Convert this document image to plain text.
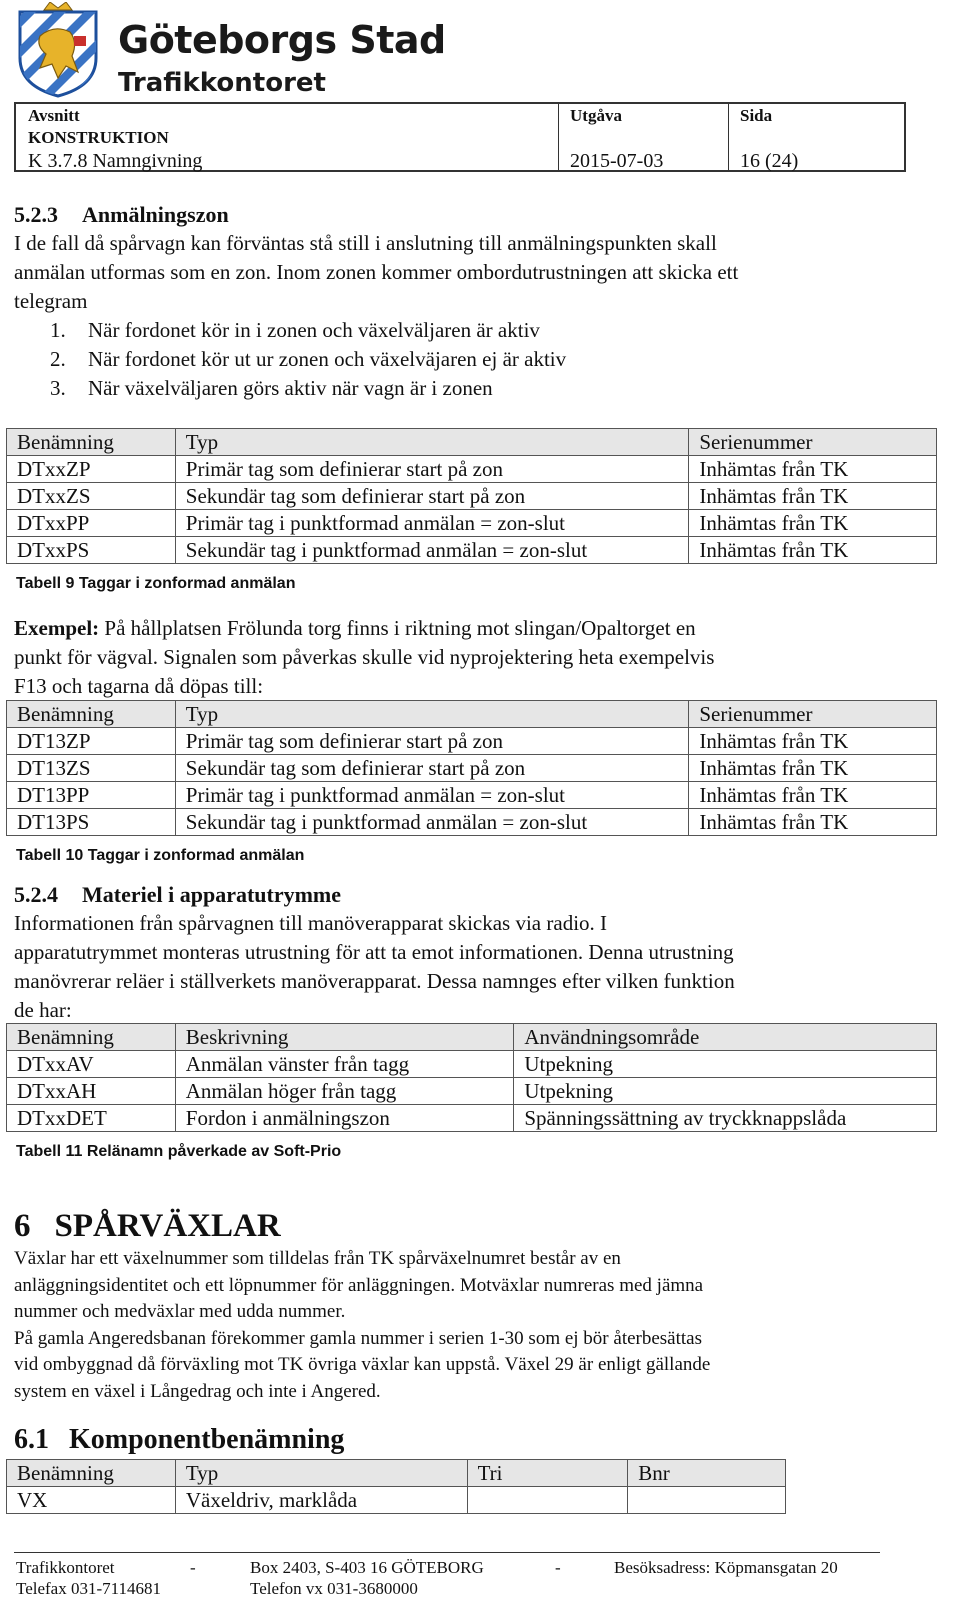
Göteborgs Stad
Trafikkontoret
Avsnitt
KONSTRUKTION
K 3.7.8 Namngivning
Utgåva
2015-07-03
Sida
16 (24)
5.2.3 Anmälningszon
I de fall då spårvagn kan förväntas stå still i anslutning till anmälningspunkten skall
anmälan utformas som en zon. Inom zonen kommer ombordutrustningen att skicka ett
telegram
1. När fordonet kör in i zonen och växelväljaren är aktiv
2. När fordonet kör ut ur zonen och växelväjaren ej är aktiv
3. När växelväljaren görs aktiv när vagn är i zonen
Benämning	Typ	Serienummer
DTxxZP	Primär tag som definierar start på zon	Inhämtas från TK
DTxxZS	Sekundär tag som definierar start på zon	Inhämtas från TK
DTxxPP	Primär tag i punktformad anmälan = zon-slut	Inhämtas från TK
DTxxPS	Sekundär tag i punktformad anmälan = zon-slut	Inhämtas från TK
Tabell 9 Taggar i zonformad anmälan
Exempel: På hållplatsen Frölunda torg finns i riktning mot slingan/Opaltorget en
punkt för vägval. Signalen som påverkas skulle vid nyprojektering heta exempelvis
F13 och tagarna då döpas till:
Benämning	Typ	Serienummer
DT13ZP	Primär tag som definierar start på zon	Inhämtas från TK
DT13ZS	Sekundär tag som definierar start på zon	Inhämtas från TK
DT13PP	Primär tag i punktformad anmälan = zon-slut	Inhämtas från TK
DT13PS	Sekundär tag i punktformad anmälan = zon-slut	Inhämtas från TK
Tabell 10 Taggar i zonformad anmälan
5.2.4 Materiel i apparatutrymme
Informationen från spårvagnen till manöverapparat skickas via radio. I
apparatutrymmet monteras utrustning för att ta emot informationen. Denna utrustning
manövrerar reläer i ställverkets manöverapparat. Dessa namnges efter vilken funktion
de har:
Benämning	Beskrivning	Användningsområde
DTxxAV	Anmälan vänster från tagg	Utpekning
DTxxAH	Anmälan höger från tagg	Utpekning
DTxxDET	Fordon i anmälningszon	Spänningssättning av tryckknappslåda
Tabell 11 Relänamn påverkade av Soft-Prio
6 SPÅRVÄXLAR
Växlar har ett växelnummer som tilldelas från TK spårväxelnumret består av en
anläggningsidentitet och ett löpnummer för anläggningen. Motväxlar numreras med jämna
nummer och medväxlar med udda nummer.
På gamla Angeredsbanan förekommer gamla nummer i serien 1-30 som ej bör återbesättas
vid ombyggnad då förväxling mot TK övriga växlar kan uppstå. Växel 29 är enligt gällande
system en växel i Långedrag och inte i Angered.
6.1 Komponentbenämning
Benämning	Typ	Tri	Bnr
VX	Växeldriv, marklåda		
Trafikkontoret	-	Box 2403, S-403 16 GÖTEBORG	-	Besöksadress: Köpmansgatan 20
Telefax 031-7114681	Telefon vx 031-3680000
